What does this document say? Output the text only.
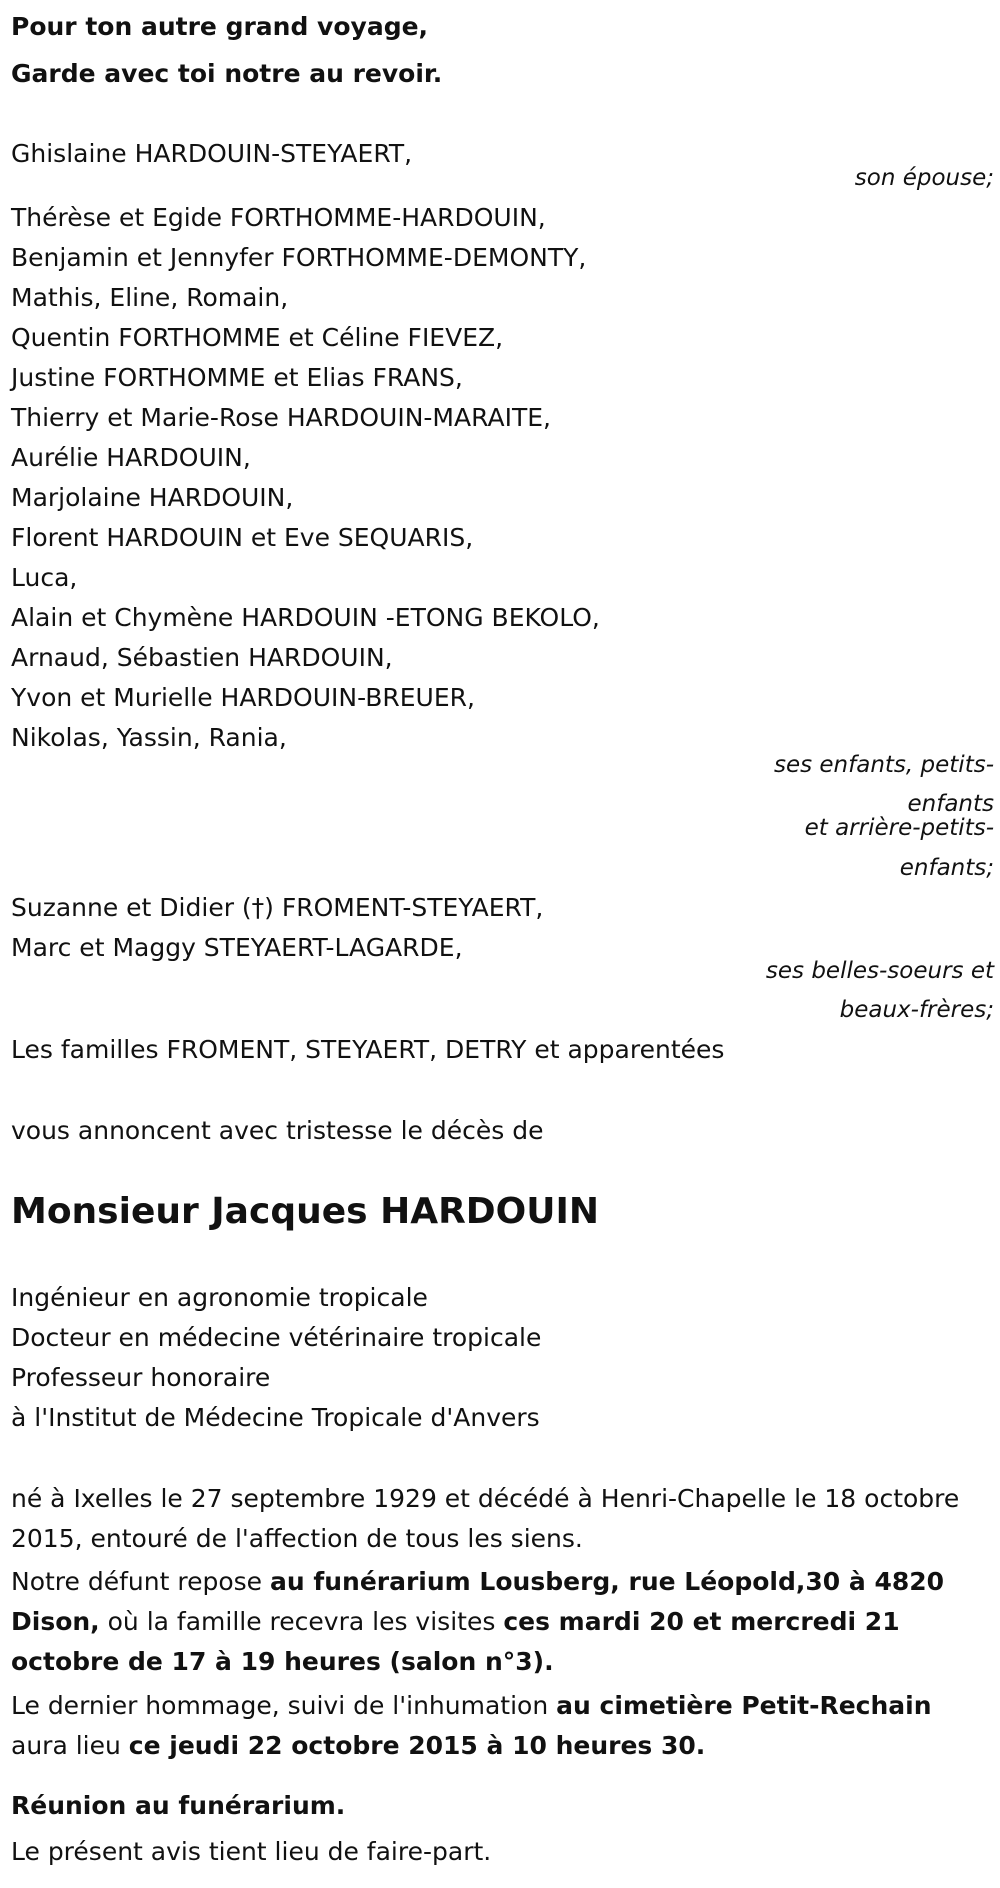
Pour ton autre grand voyage,
Garde avec toi notre au revoir.
Ghislaine HARDOUIN-STEYAERT,
son épouse;
Thérèse et Egide FORTHOMME-HARDOUIN,
Benjamin et Jennyfer FORTHOMME-DEMONTY,
Mathis, Eline, Romain,
Quentin FORTHOMME et Céline FIEVEZ,
Justine FORTHOMME et Elias FRANS,
Thierry et Marie-Rose HARDOUIN-MARAITE,
Aurélie HARDOUIN,
Marjolaine HARDOUIN,
Florent HARDOUIN et Eve SEQUARIS,
Luca,
Alain et Chymène HARDOUIN -ETONG BEKOLO,
Arnaud, Sébastien HARDOUIN,
Yvon et Murielle HARDOUIN-BREUER,
Nikolas, Yassin, Rania,
ses enfants, petits-
enfants
et arrière-petits-
enfants;
Suzanne et Didier (†) FROMENT-STEYAERT,
Marc et Maggy STEYAERT-LAGARDE,
ses belles-soeurs et
beaux-frères;
Les familles FROMENT, STEYAERT, DETRY et apparentées
vous annoncent avec tristesse le décès de
Monsieur Jacques HARDOUIN
Ingénieur en agronomie tropicale
Docteur en médecine vétérinaire tropicale
Professeur honoraire
à l'Institut de Médecine Tropicale d'Anvers
né à Ixelles le 27 septembre 1929 et décédé à Henri-Chapelle le 18 octobre 2015, entouré de l'affection de tous les siens.
Notre défunt repose au funérarium Lousberg, rue Léopold,30 à 4820 Dison, où la famille recevra les visites ces mardi 20 et mercredi 21 octobre de 17 à 19 heures (salon n°3).
Le dernier hommage, suivi de l'inhumation au cimetière Petit-Rechain aura lieu ce jeudi 22 octobre 2015 à 10 heures 30.
Réunion au funérarium.
Le présent avis tient lieu de faire-part.
